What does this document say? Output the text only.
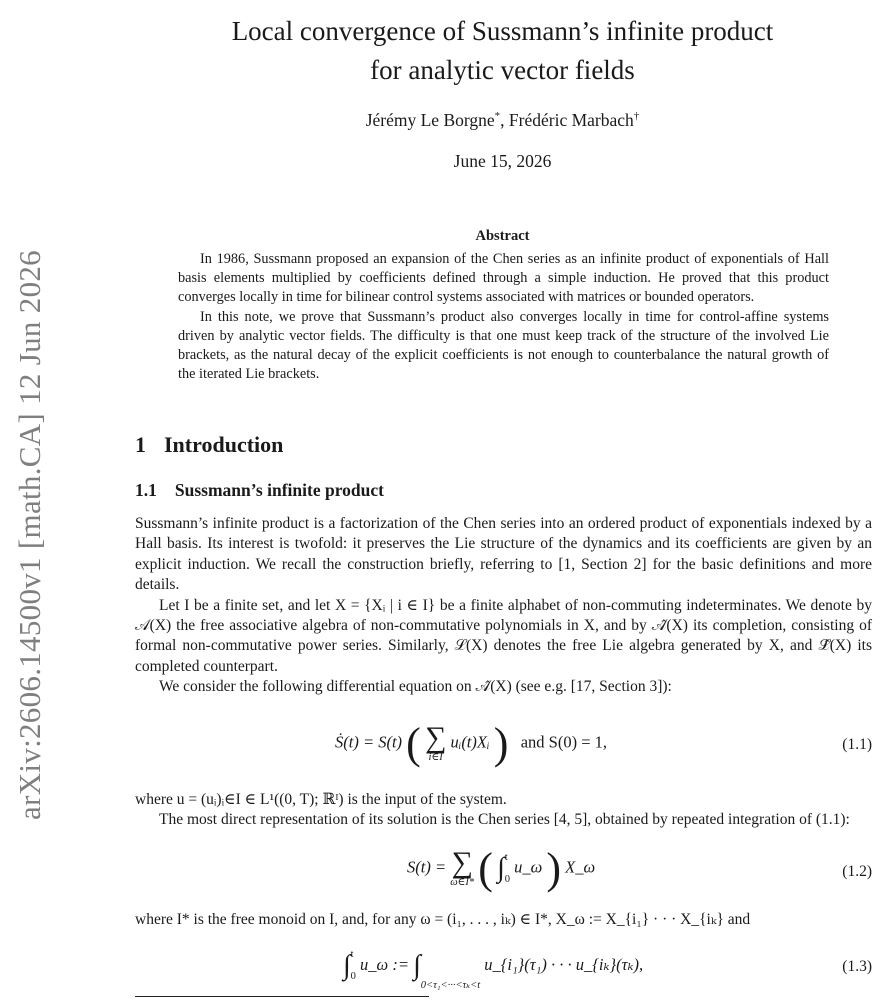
arXiv:2606.14500v1 [math.CA] 12 Jun 2026
Local convergence of Sussmann’s infinite product
for analytic vector fields
Jérémy Le Borgne*, Frédéric Marbach†
June 15, 2026
Abstract

In 1986, Sussmann proposed an expansion of the Chen series as an infinite product of exponentials of Hall basis elements multiplied by coefficients defined through a simple induction. He proved that this product converges locally in time for bilinear control systems associated with matrices or bounded operators.

In this note, we prove that Sussmann’s product also converges locally in time for control-affine systems driven by analytic vector fields. The difficulty is that one must keep track of the structure of the involved Lie brackets, as the natural decay of the explicit coefficients is not enough to counterbalance the natural growth of the iterated Lie brackets.

1 Introduction
1.1 Sussmann’s infinite product

Sussmann’s infinite product is a factorization of the Chen series into an ordered product of exponentials indexed by a Hall basis. Its interest is twofold: it preserves the Lie structure of the dynamics and its coefficients are given by an explicit induction. We recall the construction briefly, referring to [1, Section 2] for the basic definitions and more details.

Let I be a finite set, and let X = {Xᵢ | i ∈ I} be a finite alphabet of non-commuting indeterminates. We denote by 𝒜(X) the free associative algebra of non-commutative polynomials in X, and by 𝒜̂(X) its completion, consisting of formal non-commutative power series. Similarly, ℒ(X) denotes the free Lie algebra generated by X, and ℒ̂(X) its completed counterpart.

We consider the following differential equation on 𝒜̂(X) (see e.g. [17, Section 3]):

Ṡ(t) = S(t) ( ∑
i∈I
uᵢ(t)Xᵢ ) and S(0) = 1,	(1.1)

where u = (uᵢ)ᵢ∈I ∈ L¹((0, T); ℝᴵ) is the input of the system.

The most direct representation of its solution is the Chen series [4, 5], obtained by repeated integration of (1.1):

S(t) = ∑
ω∈I* ( ∫ t
0
u_ω ) X_ω	(1.2)

where I* is the free monoid on I, and, for any ω = (i₁, . . . , iₖ) ∈ I*, X_ω := X_{i₁} · · · X_{iₖ} and

∫ t
0
u_ω := ∫0<τ₁<···<τₖ<t u_{i₁}(τ₁) · · · u_{iₖ}(τₖ),	(1.3)
